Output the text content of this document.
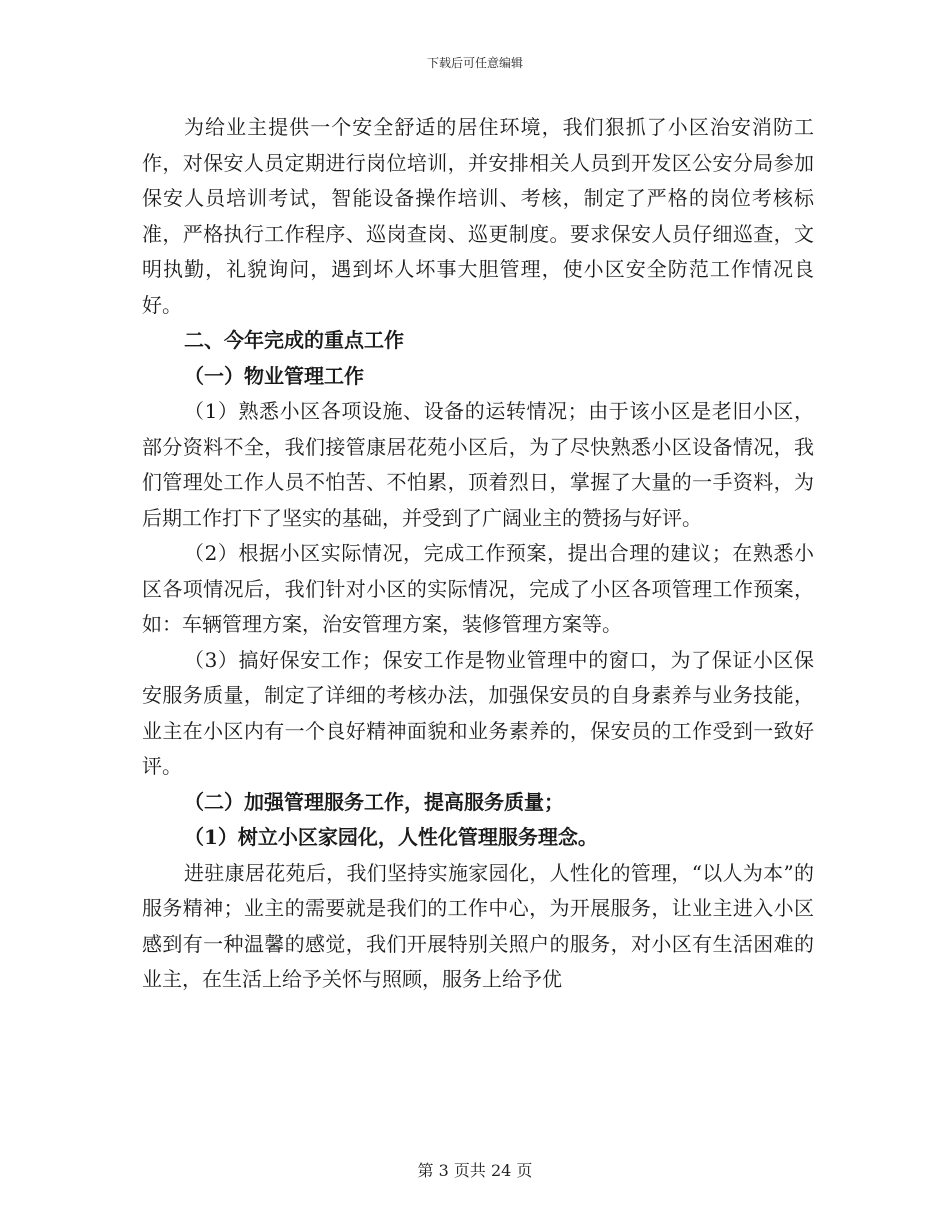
下载后可任意编辑

为给业主提供一个安全舒适的居住环境，我们狠抓了小区治安消防工作，对保安人员定期进行岗位培训，并安排相关人员到开发区公安分局参加保安人员培训考试，智能设备操作培训、考核，制定了严格的岗位考核标准，严格执行工作程序、巡岗查岗、巡更制度。要求保安人员仔细巡查，文明执勤，礼貌询问，遇到坏人坏事大胆管理，使小区安全防范工作情况良好。

二、今年完成的重点工作

（一）物业管理工作

（1）熟悉小区各项设施、设备的运转情况；由于该小区是老旧小区，部分资料不全，我们接管康居花苑小区后，为了尽快熟悉小区设备情况，我们管理处工作人员不怕苦、不怕累，顶着烈日，掌握了大量的一手资料，为后期工作打下了坚实的基础，并受到了广阔业主的赞扬与好评。

（2）根据小区实际情况，完成工作预案，提出合理的建议；在熟悉小区各项情况后，我们针对小区的实际情况，完成了小区各项管理工作预案，如：车辆管理方案，治安管理方案，装修管理方案等。

（3）搞好保安工作；保安工作是物业管理中的窗口，为了保证小区保安服务质量，制定了详细的考核办法，加强保安员的自身素养与业务技能，业主在小区内有一个良好精神面貌和业务素养的，保安员的工作受到一致好评。

（二）加强管理服务工作，提高服务质量；

（1）树立小区家园化，人性化管理服务理念。

进驻康居花苑后，我们坚持实施家园化，人性化的管理，“以人为本”的服务精神；业主的需要就是我们的工作中心，为开展服务，让业主进入小区感到有一种温馨的感觉，我们开展特别关照户的服务，对小区有生活困难的业主，在生活上给予关怀与照顾，服务上给予优

第 3 页共 24 页
